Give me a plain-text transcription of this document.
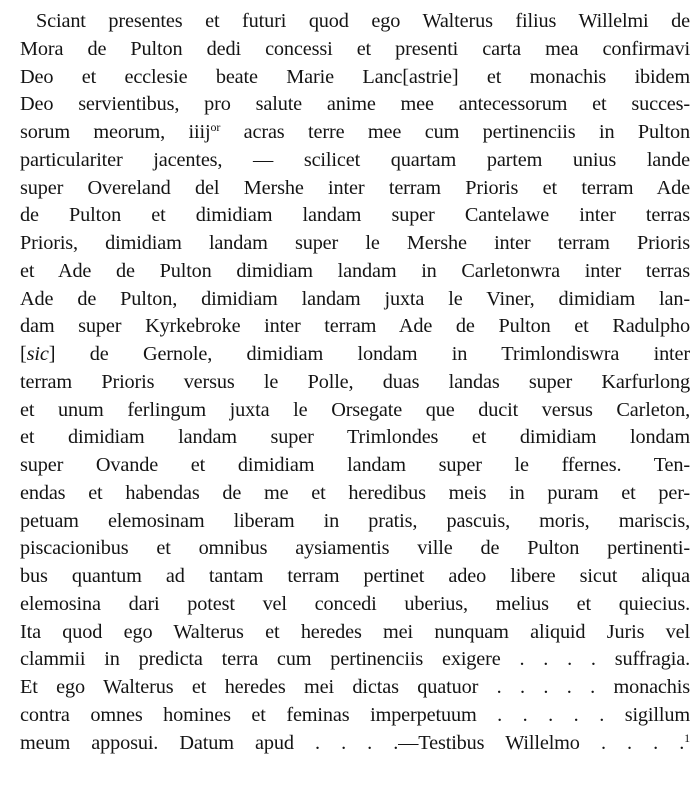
Sciant presentes et futuri quod ego Walterus filius Willelmi de
Mora de Pulton dedi concessi et presenti carta mea confirmavi
Deo et ecclesie beate Marie Lanc[astrie] et monachis ibidem
Deo servientibus, pro salute anime mee antecessorum et succes-
sorum meorum, iiij$^{or}$ acras terre mee cum pertinenciis in Pulton
particulariter jacentes, — scilicet quartam partem unius lande
super Overeland del Mershe inter terram Prioris et terram Ade
de Pulton et dimidiam landam super Cantelawe inter terras
Prioris, dimidiam landam super le Mershe inter terram Prioris
et Ade de Pulton dimidiam landam in Carletonwra inter terras
Ade de Pulton, dimidiam landam juxta le Viner, dimidiam lan-
dam super Kyrkebroke inter terram Ade de Pulton et Radulpho
[sic] de Gernole, dimidiam londam in Trimlondiswra inter
terram Prioris versus le Polle, duas landas super Karfurlong
et unum ferlingum juxta le Orsegate que ducit versus Carleton,
et dimidiam landam super Trimlondes et dimidiam londam
super Ovande et dimidiam landam super le ffernes. Ten-
endas et habendas de me et heredibus meis in puram et per-
petuam elemosinam liberam in pratis, pascuis, moris, mariscis,
piscacionibus et omnibus aysiamentis ville de Pulton pertinenti-
bus quantum ad tantam terram pertinet adeo libere sicut aliqua
elemosina dari potest vel concedi uberius, melius et quiecius.
Ita quod ego Walterus et heredes mei nunquam aliquid Juris vel
clammii in predicta terra cum pertinenciis exigere . . . . suffragia.
Et ego Walterus et heredes mei dictas quatuor . . . . . monachis
contra omnes homines et feminas imperpetuum . . . . . sigillum
meum apposui. Datum apud . . . .—Testibus Willelmo . . . .$^1$
